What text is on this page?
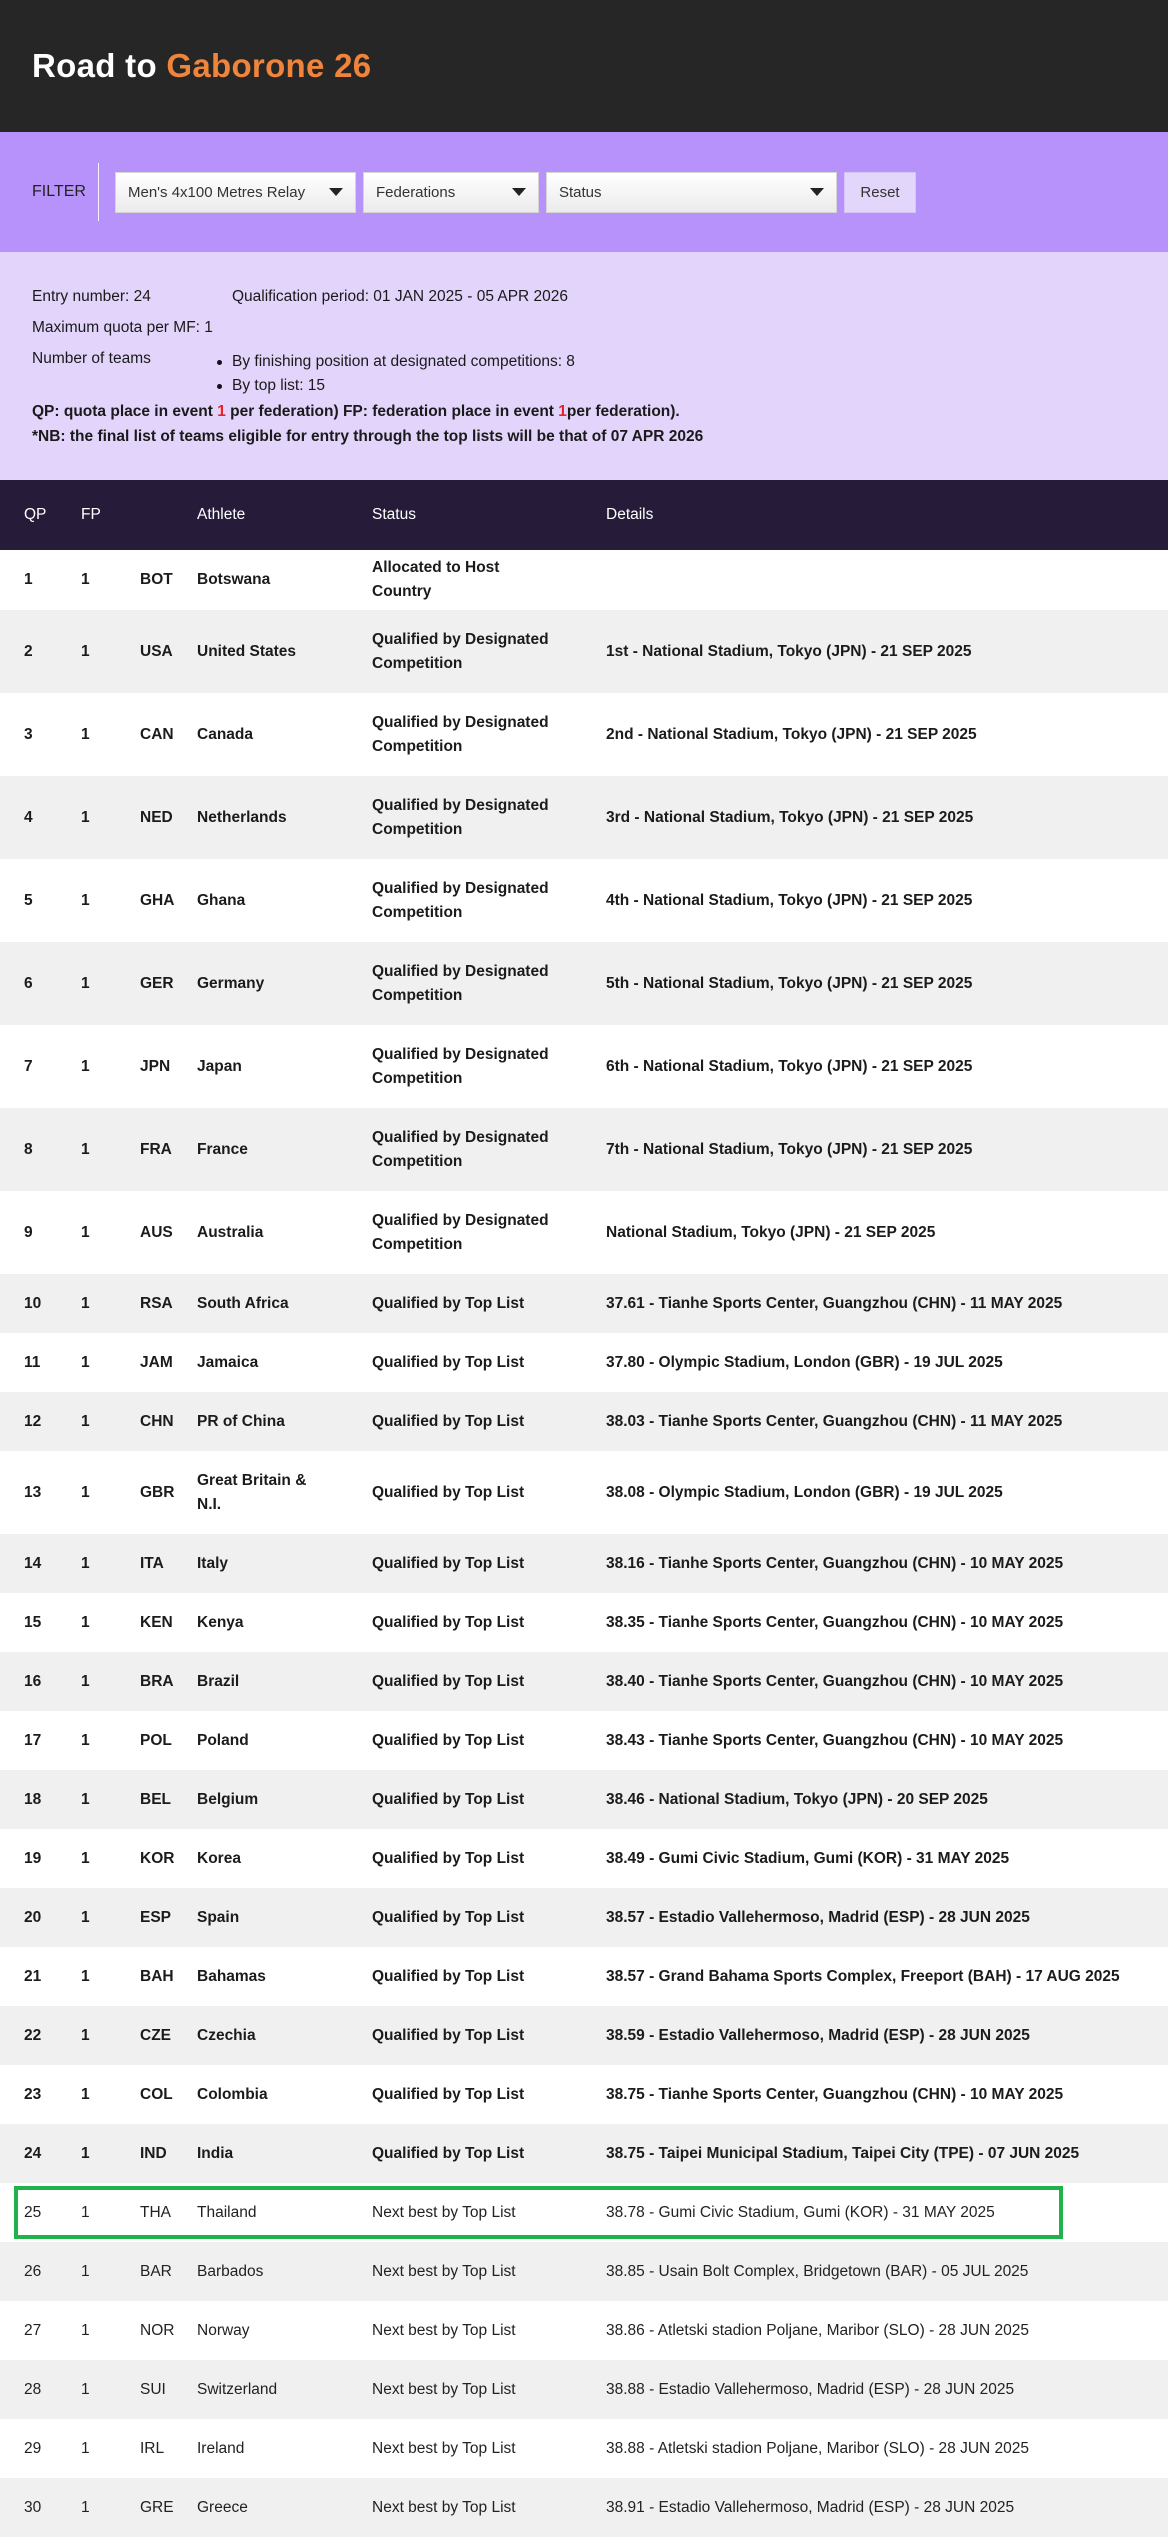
Road to Gaborone 26
FILTER	Men's 4x100 Metres Relay	Federations	Status	Reset
Entry number: 24	Qualification period: 01 JAN 2025 - 05 APR 2026
Maximum quota per MF: 1
Number of teams	By finishing position at designated competitions: 8
By top list: 15
QP: quota place in event 1 per federation) FP: federation place in event 1per federation).
*NB: the final list of teams eligible for entry through the top lists will be that of 07 APR 2026
QP	FP		Athlete	Status	Details

1	1	BOT	Botswana	Allocated to Host Country	

2	1	USA	United States	Qualified by Designated Competition	1st - National Stadium, Tokyo (JPN) - 21 SEP 2025

3	1	CAN	Canada	Qualified by Designated Competition	2nd - National Stadium, Tokyo (JPN) - 21 SEP 2025

4	1	NED	Netherlands	Qualified by Designated Competition	3rd - National Stadium, Tokyo (JPN) - 21 SEP 2025

5	1	GHA	Ghana	Qualified by Designated Competition	4th - National Stadium, Tokyo (JPN) - 21 SEP 2025

6	1	GER	Germany	Qualified by Designated Competition	5th - National Stadium, Tokyo (JPN) - 21 SEP 2025

7	1	JPN	Japan	Qualified by Designated Competition	6th - National Stadium, Tokyo (JPN) - 21 SEP 2025

8	1	FRA	France	Qualified by Designated Competition	7th - National Stadium, Tokyo (JPN) - 21 SEP 2025

9	1	AUS	Australia	Qualified by Designated Competition	National Stadium, Tokyo (JPN) - 21 SEP 2025

10	1	RSA	South Africa	Qualified by Top List	37.61 - Tianhe Sports Center, Guangzhou (CHN) - 11 MAY 2025

11	1	JAM	Jamaica	Qualified by Top List	37.80 - Olympic Stadium, London (GBR) - 19 JUL 2025

12	1	CHN	PR of China	Qualified by Top List	38.03 - Tianhe Sports Center, Guangzhou (CHN) - 11 MAY 2025

13	1	GBR	Great Britain & N.I.	Qualified by Top List	38.08 - Olympic Stadium, London (GBR) - 19 JUL 2025

14	1	ITA	Italy	Qualified by Top List	38.16 - Tianhe Sports Center, Guangzhou (CHN) - 10 MAY 2025

15	1	KEN	Kenya	Qualified by Top List	38.35 - Tianhe Sports Center, Guangzhou (CHN) - 10 MAY 2025

16	1	BRA	Brazil	Qualified by Top List	38.40 - Tianhe Sports Center, Guangzhou (CHN) - 10 MAY 2025

17	1	POL	Poland	Qualified by Top List	38.43 - Tianhe Sports Center, Guangzhou (CHN) - 10 MAY 2025

18	1	BEL	Belgium	Qualified by Top List	38.46 - National Stadium, Tokyo (JPN) - 20 SEP 2025

19	1	KOR	Korea	Qualified by Top List	38.49 - Gumi Civic Stadium, Gumi (KOR) - 31 MAY 2025

20	1	ESP	Spain	Qualified by Top List	38.57 - Estadio Vallehermoso, Madrid (ESP) - 28 JUN 2025

21	1	BAH	Bahamas	Qualified by Top List	38.57 - Grand Bahama Sports Complex, Freeport (BAH) - 17 AUG 2025

22	1	CZE	Czechia	Qualified by Top List	38.59 - Estadio Vallehermoso, Madrid (ESP) - 28 JUN 2025

23	1	COL	Colombia	Qualified by Top List	38.75 - Tianhe Sports Center, Guangzhou (CHN) - 10 MAY 2025

24	1	IND	India	Qualified by Top List	38.75 - Taipei Municipal Stadium, Taipei City (TPE) - 07 JUN 2025

25	1	THA	Thailand	Next best by Top List	38.78 - Gumi Civic Stadium, Gumi (KOR) - 31 MAY 2025

26	1	BAR	Barbados	Next best by Top List	38.85 - Usain Bolt Complex, Bridgetown (BAR) - 05 JUL 2025

27	1	NOR	Norway	Next best by Top List	38.86 - Atletski stadion Poljane, Maribor (SLO) - 28 JUN 2025

28	1	SUI	Switzerland	Next best by Top List	38.88 - Estadio Vallehermoso, Madrid (ESP) - 28 JUN 2025

29	1	IRL	Ireland	Next best by Top List	38.88 - Atletski stadion Poljane, Maribor (SLO) - 28 JUN 2025

30	1	GRE	Greece	Next best by Top List	38.91 - Estadio Vallehermoso, Madrid (ESP) - 28 JUN 2025
